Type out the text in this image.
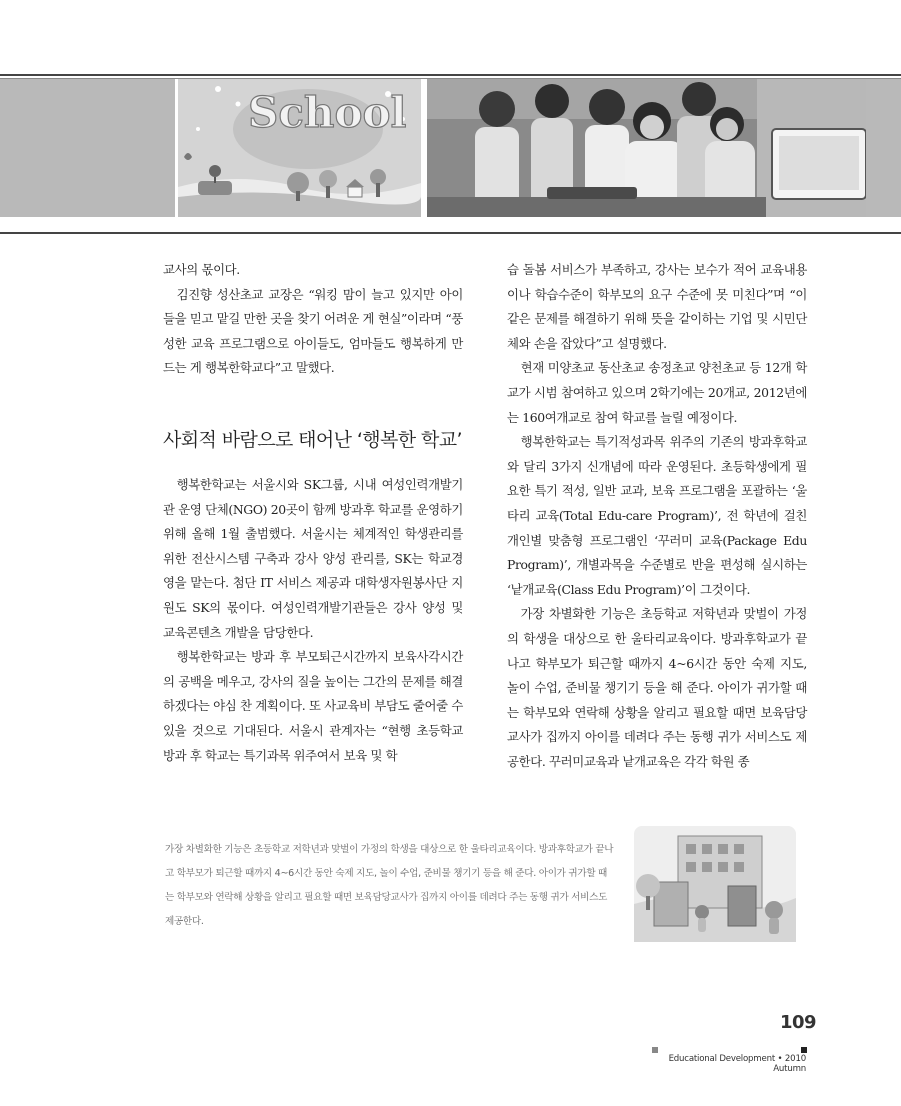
School

교사의 몫이다.

김진향 성산초교 교장은 “워킹 맘이 늘고 있지만 아이들을 믿고 맡길 만한 곳을 찾기 어려운 게 현실”이라며 “풍성한 교육 프로그램으로 아이들도, 엄마들도 행복하게 만드는 게 행복한학교다”고 말했다.

사회적 바람으로 태어난 ‘행복한 학교’

행복한학교는 서울시와 SK그룹, 시내 여성인력개발기관 운영 단체(NGO) 20곳이 함께 방과후 학교를 운영하기 위해 올해 1월 출범했다. 서울시는 체계적인 학생관리를 위한 전산시스템 구축과 강사 양성 관리를, SK는 학교경영을 맡는다. 첨단 IT 서비스 제공과 대학생자원봉사단 지원도 SK의 몫이다. 여성인력개발기관들은 강사 양성 및 교육콘텐츠 개발을 담당한다.

행복한학교는 방과 후 부모퇴근시간까지 보육사각시간의 공백을 메우고, 강사의 질을 높이는 그간의 문제를 해결하겠다는 야심 찬 계획이다. 또 사교육비 부담도 줄어줄 수 있을 것으로 기대된다. 서울시 관계자는 “현행 초등학교 방과 후 학교는 특기과목 위주여서 보육 및 학

습 돌봄 서비스가 부족하고, 강사는 보수가 적어 교육내용이나 학습수준이 학부모의 요구 수준에 못 미친다”며 “이 같은 문제를 해결하기 위해 뜻을 같이하는 기업 및 시민단체와 손을 잡았다”고 설명했다.

현재 미양초교 동산초교 송정초교 양천초교 등 12개 학교가 시범 참여하고 있으며 2학기에는 20개교, 2012년에는 160여개교로 참여 학교를 늘릴 예정이다.

행복한학교는 특기적성과목 위주의 기존의 방과후학교와 달리 3가지 신개념에 따라 운영된다. 초등학생에게 필요한 특기 적성, 일반 교과, 보육 프로그램을 포괄하는 ‘울타리 교육(Total Edu-care Program)’, 전 학년에 걸친 개인별 맞춤형 프로그램인 ‘꾸러미 교육(Package Edu Program)’, 개별과목을 수준별로 반을 편성해 실시하는 ‘낱개교육(Class Edu Program)’이 그것이다.

가장 차별화한 기능은 초등학교 저학년과 맞벌이 가정의 학생을 대상으로 한 울타리교육이다. 방과후학교가 끝나고 학부모가 퇴근할 때까지 4~6시간 동안 숙제 지도, 놀이 수업, 준비물 챙기기 등을 해 준다. 아이가 귀가할 때는 학부모와 연락해 상황을 알리고 필요할 때면 보육담당교사가 집까지 아이를 데려다 주는 동행 귀가 서비스도 제공한다. 꾸러미교육과 낱개교육은 각각 학원 종

가장 차별화한 기능은 초등학교 저학년과 맞벌이 가정의 학생을 대상으로 한 울타리교육이다. 방과후학교가 끝나고 학부모가 퇴근할 때까지 4~6시간 동안 숙제 지도, 놀이 수업, 준비물 챙기기 등을 해 준다. 아이가 귀가할 때는 학부모와 연락해 상황을 알리고 필요할 때면 보육담당교사가 집까지 아이를 데려다 주는 동행 귀가 서비스도 제공한다.

109
Educational Development • 2010 Autumn
